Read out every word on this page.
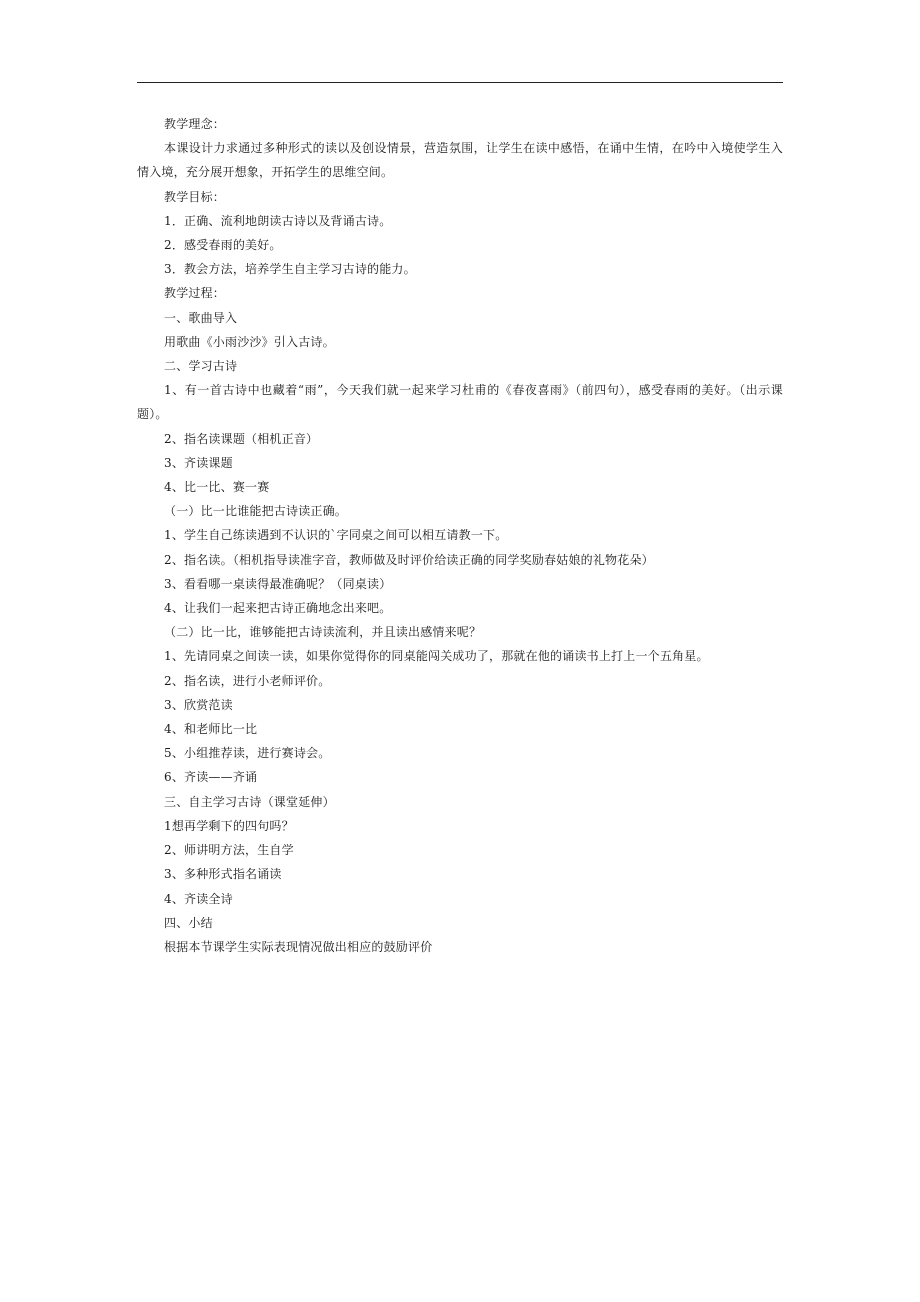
教学理念：

本课设计力求通过多种形式的读以及创设情景，营造氛围，让学生在读中感悟，在诵中生情，在吟中入境使学生入情入境，充分展开想象，开拓学生的思维空间。

教学目标：

1．正确、流利地朗读古诗以及背诵古诗。

2．感受春雨的美好。

3．教会方法，培养学生自主学习古诗的能力。

教学过程：

一、歌曲导入

用歌曲《小雨沙沙》引入古诗。

二、学习古诗

1、有一首古诗中也藏着“雨”，今天我们就一起来学习杜甫的《春夜喜雨》（前四句），感受春雨的美好。（出示课题）。

2、指名读课题（相机正音）

3、齐读课题

4、比一比、赛一赛

（一）比一比谁能把古诗读正确。

1、学生自己练读遇到不认识的`字同桌之间可以相互请教一下。

2、指名读。（相机指导读准字音，教师做及时评价给读正确的同学奖励春姑娘的礼物花朵）

3、看看哪一桌读得最准确呢？（同桌读）

4、让我们一起来把古诗正确地念出来吧。

（二）比一比，谁够能把古诗读流利，并且读出感情来呢？

1、先请同桌之间读一读，如果你觉得你的同桌能闯关成功了，那就在他的诵读书上打上一个五角星。

2、指名读，进行小老师评价。

3、欣赏范读

4、和老师比一比

5、小组推荐读，进行赛诗会。

6、齐读——齐诵

三、自主学习古诗（课堂延伸）

1想再学剩下的四句吗？

2、师讲明方法，生自学

3、多种形式指名诵读

4、齐读全诗

四、小结

根据本节课学生实际表现情况做出相应的鼓励评价
